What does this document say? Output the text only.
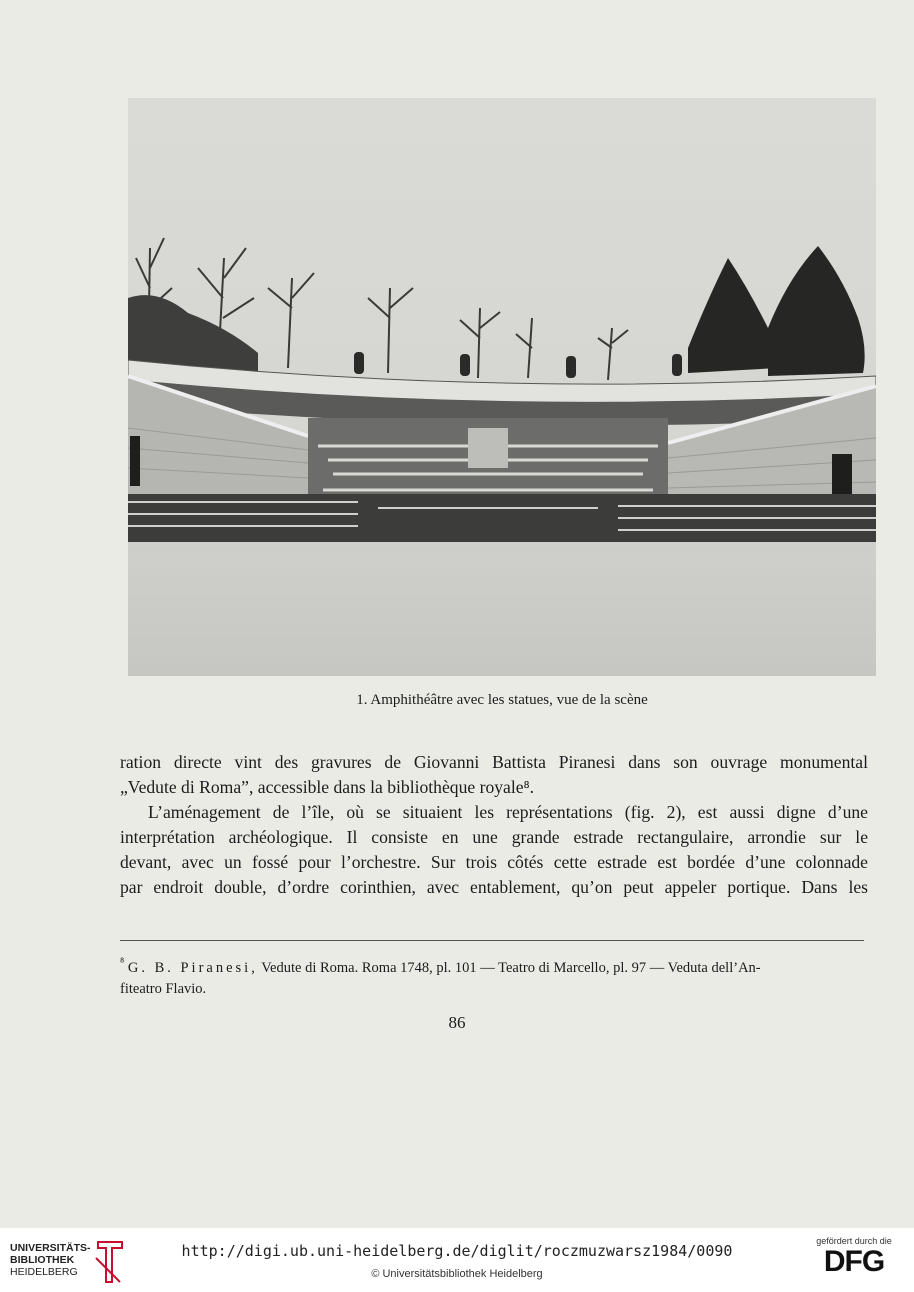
1. Amphithéâtre avec les statues, vue de la scène
ration directe vint des gravures de Giovanni Battista Piranesi dans son ouvrage monumental
„Vedute di Roma”, accessible dans la bibliothèque royale⁸.
L’aménagement de l’île, où se situaient les représentations (fig. 2), est aussi digne d’une
interprétation archéologique. Il consiste en une grande estrade rectangulaire, arrondie sur le
devant, avec un fossé pour l’orchestre. Sur trois côtés cette estrade est bordée d’une colonnade
par endroit double, d’ordre corinthien, avec entablement, qu’on peut appeler portique. Dans les
$^{^8}$ G. B. Piranesi, Vedute di Roma. Roma 1748, pl. 101 — Teatro di Marcello, pl. 97 — Veduta dell’An-
fiteatro Flavio.
86
UNIVERSITÄTS-
BIBLIOTHEK
HEIDELBERG
http://digi.ub.uni-heidelberg.de/diglit/roczmuzwarsz1984/0090
© Universitätsbibliothek Heidelberg
gefördert durch die
DFG
